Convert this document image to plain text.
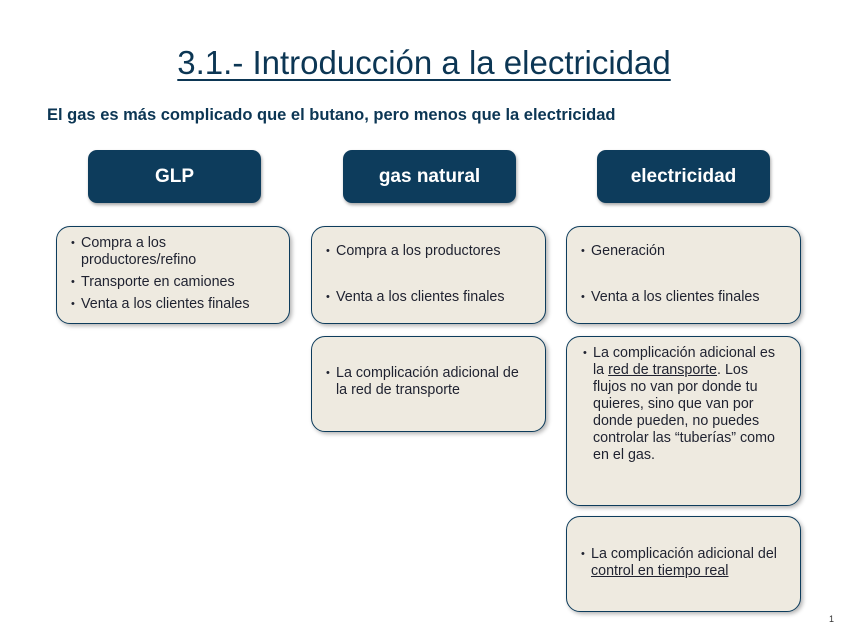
3.1.- Introducción a la electricidad
El gas es más complicado que el butano, pero menos que la electricidad
GLP	gas natural	electricidad
• Compra a los productores/refino
• Transporte en camiones
• Venta a los clientes finales
• Compra a los productores
• Venta a los clientes finales
• La complicación adicional de la red de transporte
• Generación
• Venta a los clientes finales
• La complicación adicional es la red de transporte. Los flujos no van por donde tu quieres, sino que van por donde pueden, no puedes controlar las “tuberías” como en el gas.
• La complicación adicional del control en tiempo real
1
